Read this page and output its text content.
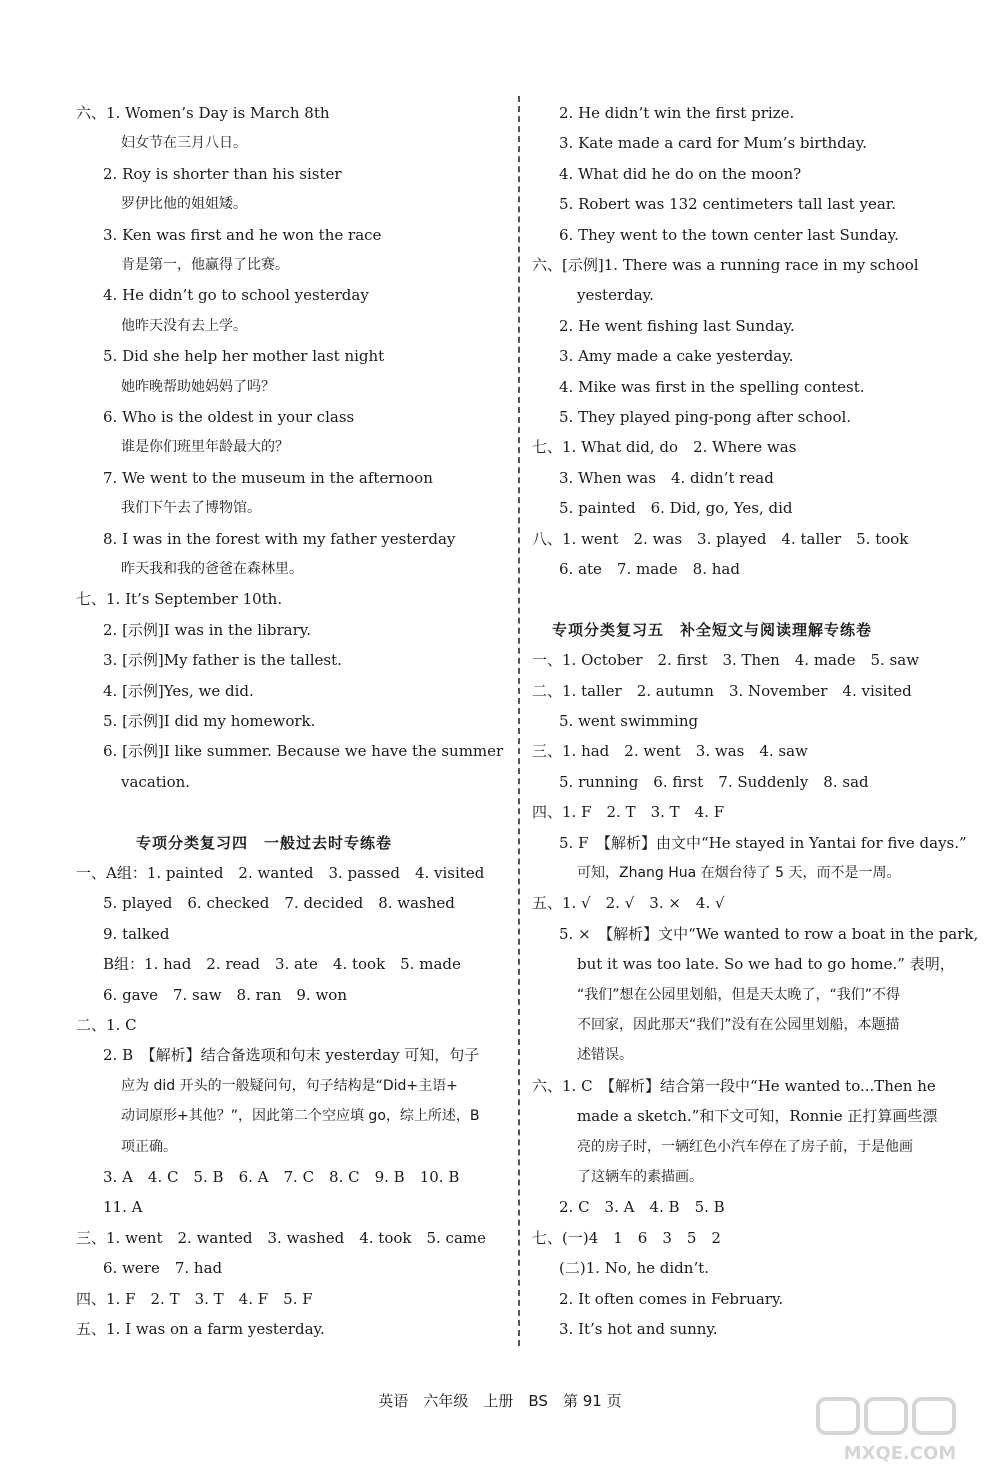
六、1. Women’s Day is March 8th
妇女节在三月八日。
2. Roy is shorter than his sister
罗伊比他的姐姐矮。
3. Ken was first and he won the race
肯是第一，他赢得了比赛。
4. He didn’t go to school yesterday
他昨天没有去上学。
5. Did she help her mother last night
她昨晚帮助她妈妈了吗？
6. Who is the oldest in your class
谁是你们班里年龄最大的？
7. We went to the museum in the afternoon
我们下午去了博物馆。
8. I was in the forest with my father yesterday
昨天我和我的爸爸在森林里。
七、1. It’s September 10th.
2. [示例]I was in the library.
3. [示例]My father is the tallest.
4. [示例]Yes, we did.
5. [示例]I did my homework.
6. [示例]I like summer. Because we have the summer
vacation.
专项分类复习四　一般过去时专练卷
一、A组：1. painted　2. wanted　3. passed　4. visited
5. played　6. checked　7. decided　8. washed
9. talked
B组：1. had　2. read　3. ate　4. took　5. made
6. gave　7. saw　8. ran　9. won
二、1. C
2. B　【解析】结合备选项和句末 yesterday 可知，句子
应为 did 开头的一般疑问句，句子结构是“Did+主语+
动词原形+其他？”，因此第二个空应填 go，综上所述，B
项正确。
3. A　4. C　5. B　6. A　7. C　8. C　9. B　10. B
11. A
三、1. went　2. wanted　3. washed　4. took　5. came
6. were　7. had
四、1. F　2. T　3. T　4. F　5. F
五、1. I was on a farm yesterday.
2. He didn’t win the first prize.
3. Kate made a card for Mum’s birthday.
4. What did he do on the moon?
5. Robert was 132 centimeters tall last year.
6. They went to the town center last Sunday.
六、[示例]1. There was a running race in my school
yesterday.
2. He went fishing last Sunday.
3. Amy made a cake yesterday.
4. Mike was first in the spelling contest.
5. They played ping-pong after school.
七、1. What did, do　2. Where was
3. When was　4. didn’t read
5. painted　6. Did, go, Yes, did
八、1. went　2. was　3. played　4. taller　5. took
6. ate　7. made　8. had
专项分类复习五　补全短文与阅读理解专练卷
一、1. October　2. first　3. Then　4. made　5. saw
二、1. taller　2. autumn　3. November　4. visited
5. went swimming
三、1. had　2. went　3. was　4. saw
5. running　6. first　7. Suddenly　8. sad
四、1. F　2. T　3. T　4. F
5. F　【解析】由文中“He stayed in Yantai for five days.”
可知，Zhang Hua 在烟台待了 5 天，而不是一周。
五、1. √　2. √　3. ×　4. √
5. ×　【解析】文中“We wanted to row a boat in the park,
but it was too late. So we had to go home.” 表明，
“我们”想在公园里划船，但是天太晚了，“我们”不得
不回家，因此那天“我们”没有在公园里划船，本题描
述错误。
六、1. C　【解析】结合第一段中“He wanted to...Then he
made a sketch.”和下文可知，Ronnie 正打算画些漂
亮的房子时，一辆红色小汽车停在了房子前，于是他画
了这辆车的素描画。
2. C　3. A　4. B　5. B
七、(一)4　1　6　3　5　2
(二)1. No, he didn’t.
2. It often comes in February.
3. It’s hot and sunny.
英语　六年级　上册　BS　第 91 页
MXQE.COM
